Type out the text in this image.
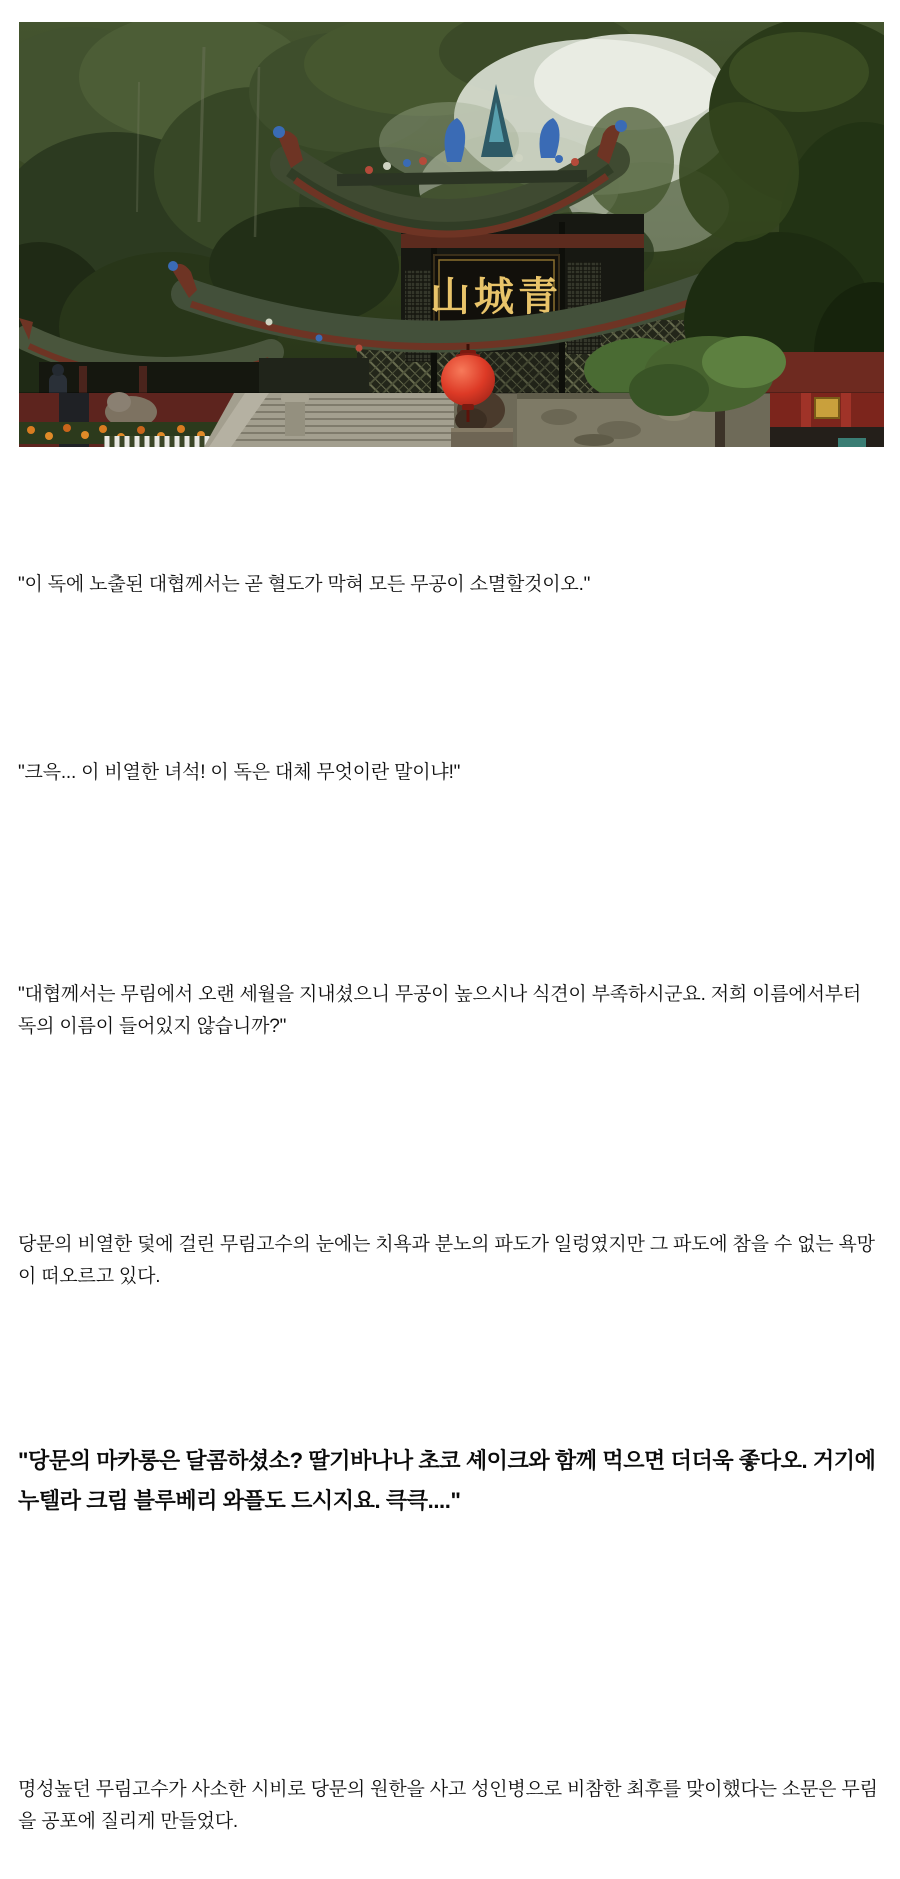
山城青

"이 독에 노출된 대협께서는 곧 혈도가 막혀 모든 무공이 소멸할것이오."

"크윽... 이 비열한 녀석! 이 독은 대체 무엇이란 말이냐!"

"대협께서는 무림에서 오랜 세월을 지내셨으니 무공이 높으시나 식견이 부족하시군요. 저희 이름에서부터 독의 이름이 들어있지 않습니까?"

당문의 비열한 덫에 걸린 무림고수의 눈에는 치욕과 분노의 파도가 일렁였지만 그 파도에 참을 수 없는 욕망이 떠오르고 있다.

"당문의 마카롱은 달콤하셨소? 딸기바나나 초코 셰이크와 함께 먹으면 더더욱 좋다오. 거기에 누텔라 크림 블루베리 와플도 드시지요. 큭큭...."

명성높던 무림고수가 사소한 시비로 당문의 원한을 사고 성인병으로 비참한 최후를 맞이했다는 소문은 무림을 공포에 질리게 만들었다.
